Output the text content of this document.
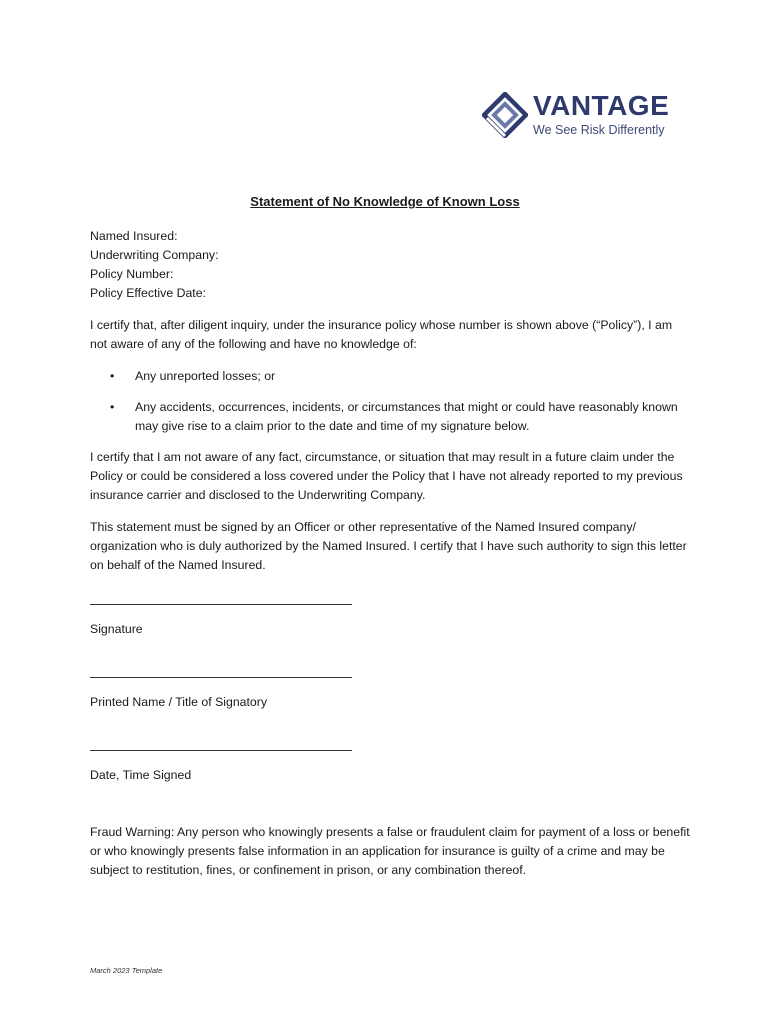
VANTAGE
We See Risk Differently
Statement of No Knowledge of Known Loss
Named Insured:
Underwriting Company:
Policy Number:
Policy Effective Date:

I certify that, after diligent inquiry, under the insurance policy whose number is shown above (“Policy”), I am not aware of any of the following and have no knowledge of:

• Any unreported losses; or
• Any accidents, occurrences, incidents, or circumstances that might or could have reasonably known may give rise to a claim prior to the date and time of my signature below.

I certify that I am not aware of any fact, circumstance, or situation that may result in a future claim under the Policy or could be considered a loss covered under the Policy that I have not already reported to my previous insurance carrier and disclosed to the Underwriting Company.

This statement must be signed by an Officer or other representative of the Named Insured company/ organization who is duly authorized by the Named Insured. I certify that I have such authority to sign this letter on behalf of the Named Insured.

Signature
Printed Name / Title of Signatory
Date, Time Signed

Fraud Warning: Any person who knowingly presents a false or fraudulent claim for payment of a loss or benefit or who knowingly presents false information in an application for insurance is guilty of a crime and may be subject to restitution, fines, or confinement in prison, or any combination thereof.

March 2023 Template
